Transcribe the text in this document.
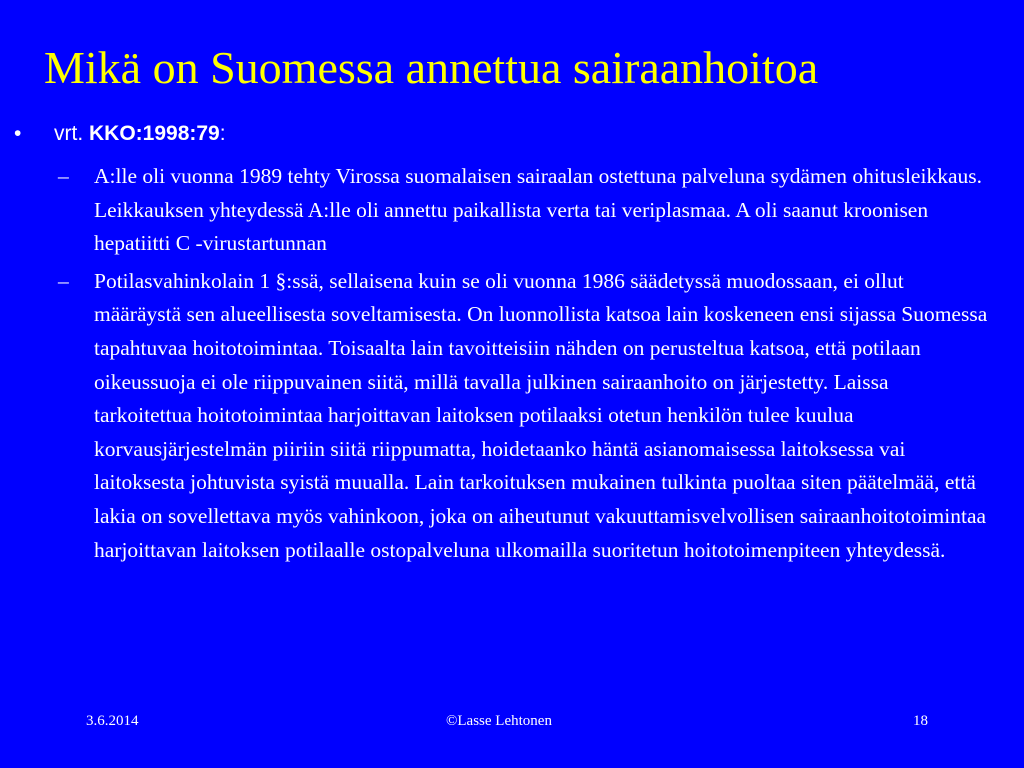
Mikä on Suomessa annettua sairaanhoitoa
• vrt. KKO:1998:79:
– A:lle oli vuonna 1989 tehty Virossa suomalaisen sairaalan ostettuna palveluna sydämen ohitusleikkaus. Leikkauksen yhteydessä A:lle oli annettu paikallista verta tai veriplasmaa. A oli saanut kroonisen hepatiitti C -virustartunnan
– Potilasvahinkolain 1 §:ssä, sellaisena kuin se oli vuonna 1986 säädetyssä muodossaan, ei ollut määräystä sen alueellisesta soveltamisesta. On luonnollista katsoa lain koskeneen ensi sijassa Suomessa tapahtuvaa hoitotoimintaa. Toisaalta lain tavoitteisiin nähden on perusteltua katsoa, että potilaan oikeussuoja ei ole riippuvainen siitä, millä tavalla julkinen sairaanhoito on järjestetty. Laissa tarkoitettua hoitotoimintaa harjoittavan laitoksen potilaaksi otetun henkilön tulee kuulua korvausjärjestelmän piiriin siitä riippumatta, hoidetaanko häntä asianomaisessa laitoksessa vai laitoksesta johtuvista syistä muualla. Lain tarkoituksen mukainen tulkinta puoltaa siten päätelmää, että lakia on sovellettava myös vahinkoon, joka on aiheutunut vakuuttamisvelvollisen sairaanhoitotoimintaa harjoittavan laitoksen potilaalle ostopalveluna ulkomailla suoritetun hoitotoimenpiteen yhteydessä.
3.6.2014	©Lasse Lehtonen	18
